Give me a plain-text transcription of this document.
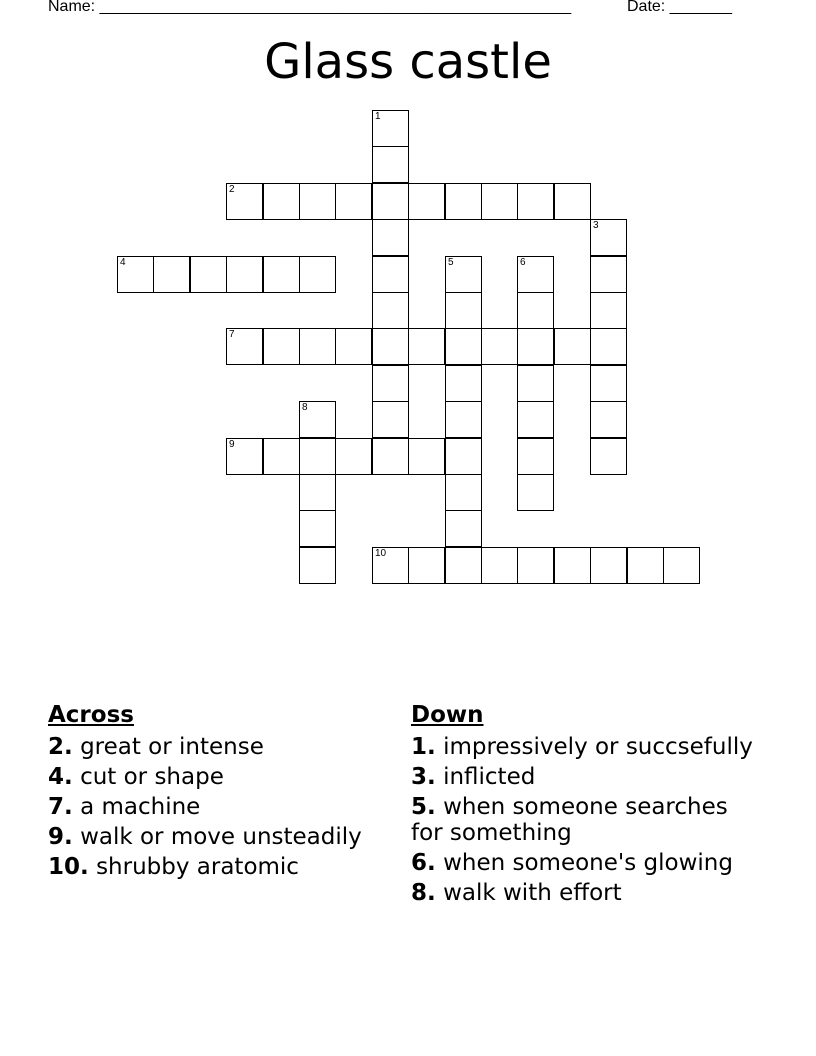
Name: _____________________________________________________	Date: _______
Glass castle
1
2
3
4	5	6
7
8
9
10
Across
2. great or intense
4. cut or shape
7. a machine
9. walk or move unsteadily
10. shrubby aratomic
Down
1. impressively or succsefully
3. inflicted
5. when someone searches for something
6. when someone's glowing
8. walk with effort
